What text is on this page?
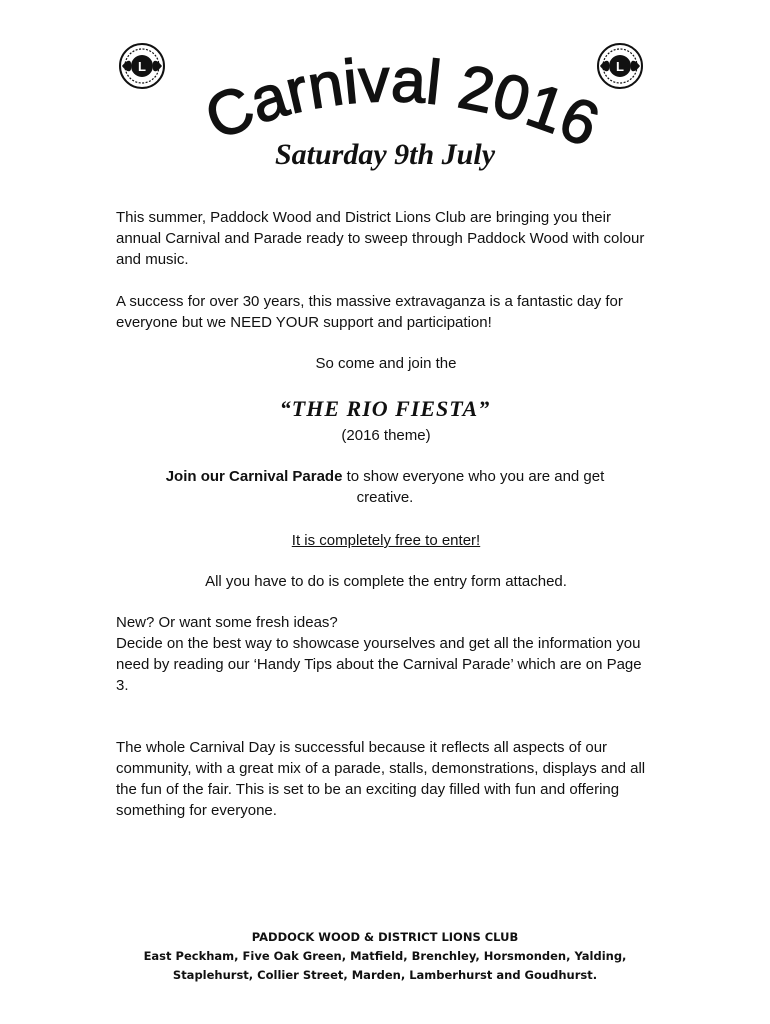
L	L
Carnival 2016
Saturday 9th July
This summer, Paddock Wood and District Lions Club are bringing you their annual Carnival and Parade ready to sweep through Paddock Wood with colour and music.
A success for over 30 years, this massive extravaganza is a fantastic day for everyone but we NEED YOUR support and participation!
So come and join the
“THE RIO FIESTA”
(2016 theme)
Join our Carnival Parade to show everyone who you are and get creative.
It is completely free to enter!
All you have to do is complete the entry form attached.
New? Or want some fresh ideas?
Decide on the best way to showcase yourselves and get all the information you need by reading our ‘Handy Tips about the Carnival Parade’ which are on Page 3.
The whole Carnival Day is successful because it reflects all aspects of our community, with a great mix of a parade, stalls, demonstrations, displays and all the fun of the fair. This is set to be an exciting day filled with fun and offering something for everyone.
PADDOCK WOOD & DISTRICT LIONS CLUB
East Peckham, Five Oak Green, Matfield, Brenchley, Horsmonden, Yalding,
Staplehurst, Collier Street, Marden, Lamberhurst and Goudhurst.
